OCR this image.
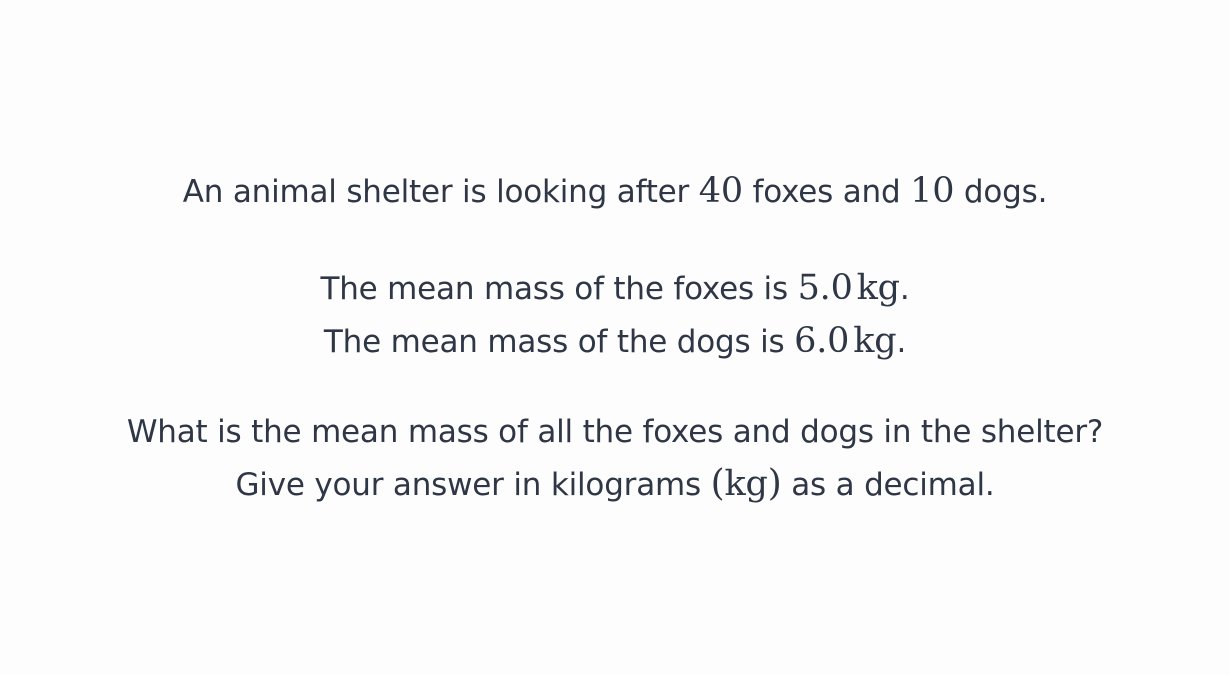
An animal shelter is looking after 40 foxes and 10 dogs.
The mean mass of the foxes is 5.0 kg.
The mean mass of the dogs is 6.0 kg.
What is the mean mass of all the foxes and dogs in the shelter?
Give your answer in kilograms (kg) as a decimal.
